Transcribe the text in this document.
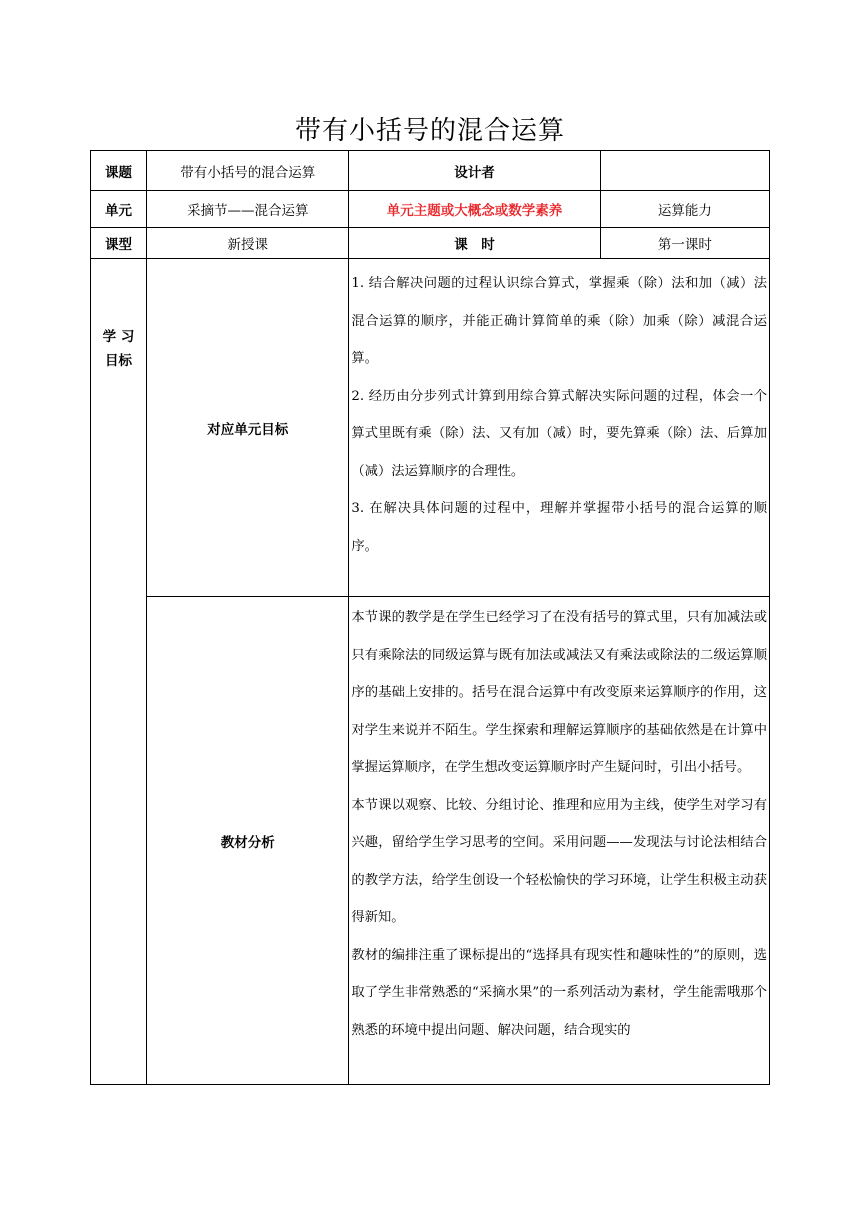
带有小括号的混合运算
课题	带有小括号的混合运算	设计者	
单元	采摘节——混合运算	单元主题或大概念或数学素养	运算能力
课型	新授课	课　时	第一课时

学 习 目标	对应单元目标	1. 结合解决问题的过程认识综合算式，掌握乘（除）法和加（减）法混合运算的顺序，并能正确计算简单的乘（除）加乘（除）减混合运算。

2. 经历由分步列式计算到用综合算式解决实际问题的过程，体会一个算式里既有乘（除）法、又有加（减）时，要先算乘（除）法、后算加（减）法运算顺序的合理性。

3. 在解决具体问题的过程中，理解并掌握带小括号的混合运算的顺序。	

	教材分析	本节课的教学是在学生已经学习了在没有括号的算式里，只有加减法或只有乘除法的同级运算与既有加法或减法又有乘法或除法的二级运算顺序的基础上安排的。括号在混合运算中有改变原来运算顺序的作用，这对学生来说并不陌生。学生探索和理解运算顺序的基础依然是在计算中掌握运算顺序，在学生想改变运算顺序时产生疑问时，引出小括号。

本节课以观察、比较、分组讨论、推理和应用为主线，使学生对学习有兴趣，留给学生学习思考的空间。采用问题——发现法与讨论法相结合的教学方法，给学生创设一个轻松愉快的学习环境，让学生积极主动获得新知。

教材的编排注重了课标提出的“选择具有现实性和趣味性的”的原则，选取了学生非常熟悉的“采摘水果”的一系列活动为素材，学生能需哦那个熟悉的环境中提出问题、解决问题，结合现实的	
